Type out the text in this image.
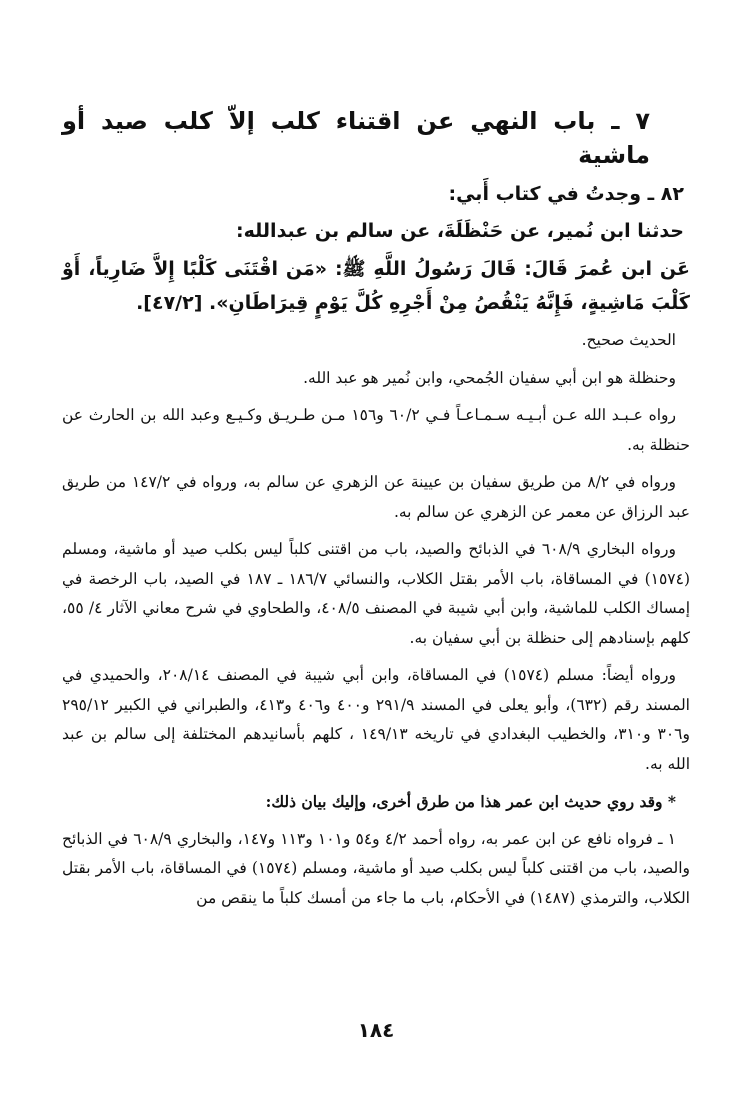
٧ ـ باب النهي عن اقتناء كلب إلاّ كلب صيد أو ماشية
٨٢ ـ وجدتُ في كتاب أَبي:
حدثنا ابن نُمير، عن حَنْظَلَةَ، عن سالم بن عبدالله:
عَن ابن عُمرَ قَالَ: قَالَ رَسُولُ اللَّهِ ﷺ: «مَن اقْتَنَى كَلْبًا إِلاَّ ضَارِياً، أَوْ كَلْبَ مَاشِيةٍ، فَإِنَّهُ يَنْقُصُ مِنْ أَجْرِهِ كُلَّ يَوْمٍ قِيرَاطَانِ». [٤٧/٢].

الحديث صحيح.

وحنظلة هو ابن أبي سفيان الجُمحي، وابن نُمير هو عبد الله.

رواه عـبـد الله عـن أبـيـه سـمـاعـاً فـي ٦٠/٢ و١٥٦ مـن طـريـق وكـيـع وعبد الله بن الحارث عن حنظلة به.

ورواه في ٨/٢ من طريق سفيان بن عيينة عن الزهري عن سالم به، ورواه في ١٤٧/٢ من طريق عبد الرزاق عن معمر عن الزهري عن سالم به.

ورواه البخاري ٦٠٨/٩ في الذبائح والصيد، باب من اقتنى كلباً ليس بكلب صيد أو ماشية، ومسلم (١٥٧٤) في المساقاة، باب الأمر بقتل الكلاب، والنسائي ١٨٦/٧ ـ ١٨٧ في الصيد، باب الرخصة في إمساك الكلب للماشية، وابن أبي شيبة في المصنف ٤٠٨/٥، والطحاوي في شرح معاني الآثار ٤/ ٥٥، كلهم بإسنادهم إلى حنظلة بن أبي سفيان به.

ورواه أيضاً: مسلم (١٥٧٤) في المساقاة، وابن أبي شيبة في المصنف ٢٠٨/١٤، والحميدي في المسند رقم (٦٣٢)، وأبو يعلى في المسند ٢٩١/٩ و٤٠٠ و٤٠٦ و٤١٣، والطبراني في الكبير ٢٩٥/١٢ و٣٠٦ و٣١٠، والخطيب البغدادي في تاريخه ١٤٩/١٣ ، كلهم بأسانيدهم المختلفة إلى سالم بن عبد الله به.

* وقد روي حديث ابن عمر هذا من طرق أخرى، وإليك بيان ذلك:

١ ـ فرواه نافع عن ابن عمر به، رواه أحمد ٤/٢ و٥٤ و١٠١ و١١٣ و١٤٧، والبخاري ٦٠٨/٩ في الذبائح والصيد، باب من اقتنى كلباً ليس بكلب صيد أو ماشية، ومسلم (١٥٧٤) في المساقاة، باب الأمر بقتل الكلاب، والترمذي (١٤٨٧) في الأحكام، باب ما جاء من أمسك كلباً ما ينقص من

١٨٤
